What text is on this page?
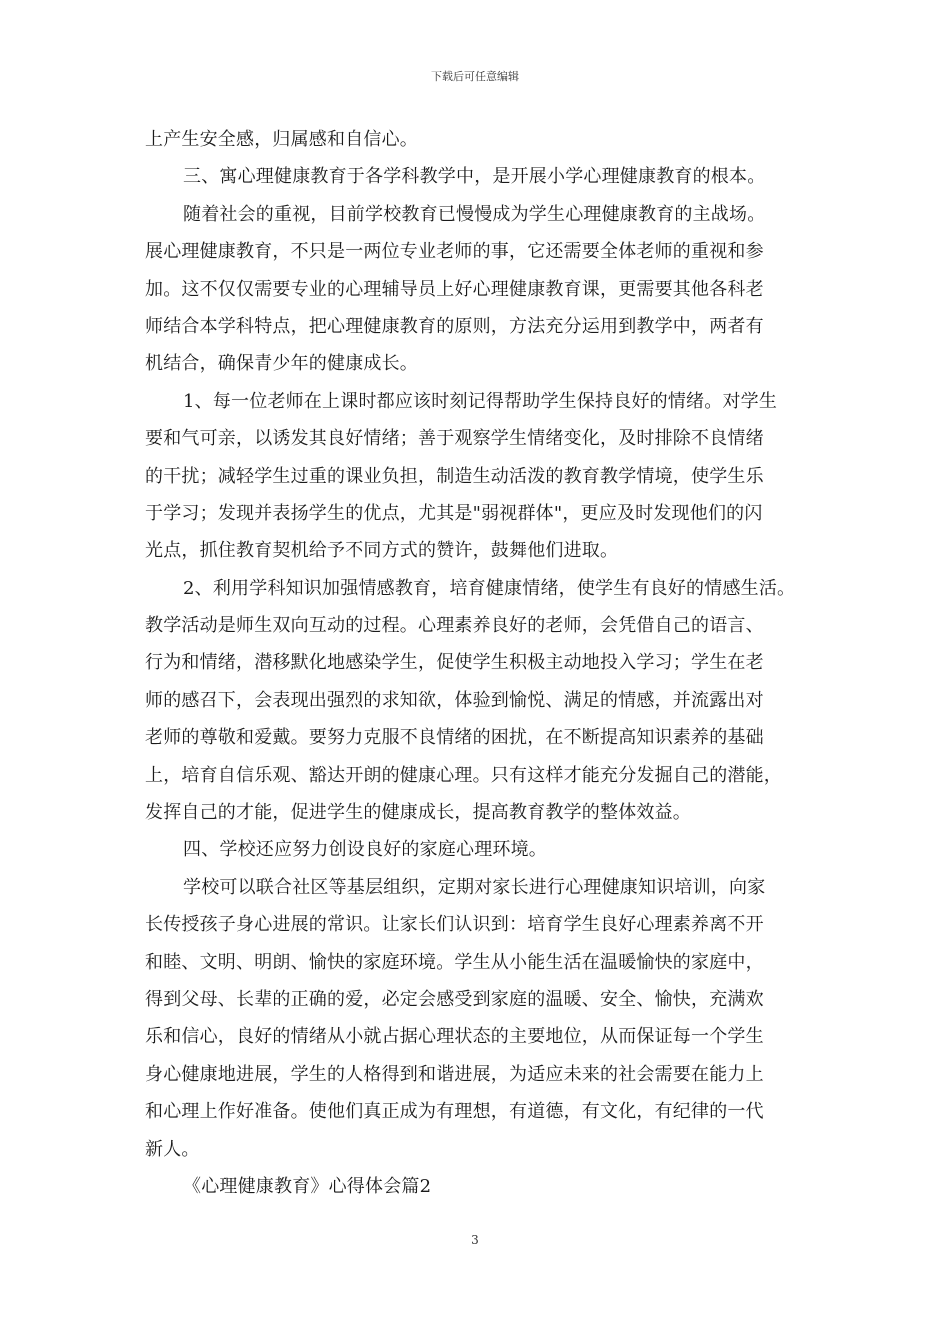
下载后可任意编辑
上产生安全感，归属感和自信心。
三、寓心理健康教育于各学科教学中，是开展小学心理健康教育的根本。
随着社会的重视，目前学校教育已慢慢成为学生心理健康教育的主战场。
展心理健康教育，不只是一两位专业老师的事，它还需要全体老师的重视和参
加。这不仅仅需要专业的心理辅导员上好心理健康教育课，更需要其他各科老
师结合本学科特点，把心理健康教育的原则，方法充分运用到教学中，两者有
机结合，确保青少年的健康成长。
1、每一位老师在上课时都应该时刻记得帮助学生保持良好的情绪。对学生
要和气可亲，以诱发其良好情绪；善于观察学生情绪变化，及时排除不良情绪
的干扰；减轻学生过重的课业负担，制造生动活泼的教育教学情境，使学生乐
于学习；发现并表扬学生的优点，尤其是"弱视群体"，更应及时发现他们的闪
光点，抓住教育契机给予不同方式的赞许，鼓舞他们进取。
2、利用学科知识加强情感教育，培育健康情绪，使学生有良好的情感生活。
教学活动是师生双向互动的过程。心理素养良好的老师，会凭借自己的语言、
行为和情绪，潜移默化地感染学生，促使学生积极主动地投入学习；学生在老
师的感召下，会表现出强烈的求知欲，体验到愉悦、满足的情感，并流露出对
老师的尊敬和爱戴。要努力克服不良情绪的困扰，在不断提高知识素养的基础
上，培育自信乐观、豁达开朗的健康心理。只有这样才能充分发掘自己的潜能，
发挥自己的才能，促进学生的健康成长，提高教育教学的整体效益。
四、学校还应努力创设良好的家庭心理环境。
学校可以联合社区等基层组织，定期对家长进行心理健康知识培训，向家
长传授孩子身心进展的常识。让家长们认识到：培育学生良好心理素养离不开
和睦、文明、明朗、愉快的家庭环境。学生从小能生活在温暖愉快的家庭中，
得到父母、长辈的正确的爱，必定会感受到家庭的温暖、安全、愉快，充满欢
乐和信心，良好的情绪从小就占据心理状态的主要地位，从而保证每一个学生
身心健康地进展，学生的人格得到和谐进展，为适应未来的社会需要在能力上
和心理上作好准备。使他们真正成为有理想，有道德，有文化，有纪律的一代
新人。
《心理健康教育》心得体会篇2
3
